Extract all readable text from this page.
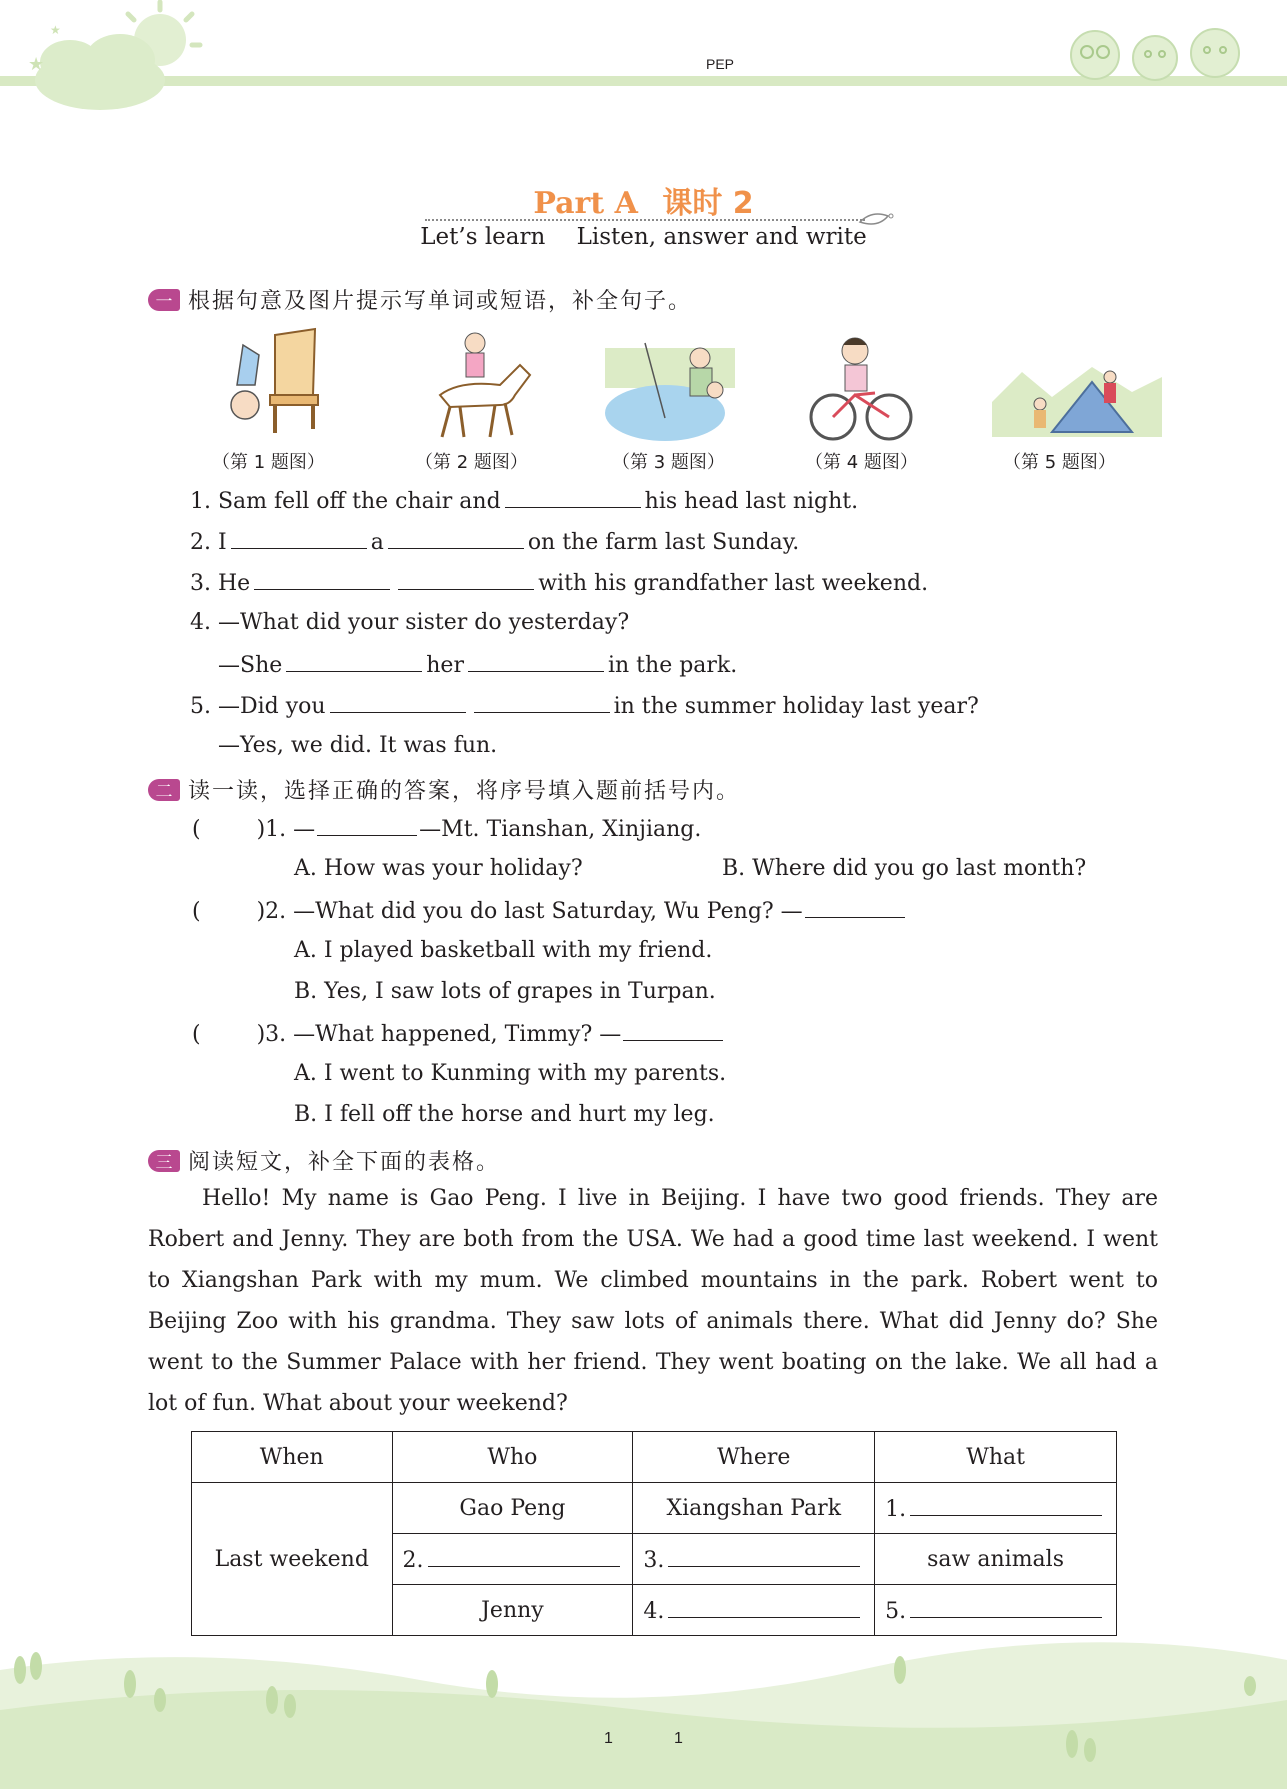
★
★
PEP
Part A 课时 2
Let’s learn Listen, answer and write
一 根据句意及图片提示写单词或短语，补全句子。
（第 1 题图）	（第 2 题图）	（第 3 题图）	（第 4 题图）	（第 5 题图）
1. Sam fell off the chair and	his head last night.
2. I	a	on the farm last Sunday.
3. He	with his grandfather last weekend.
4. —What did your sister do yesterday?
—She	her	in the park.
5. —Did you	in the summer holiday last year?
—Yes, we did. It was fun.
二 读一读，选择正确的答案，将序号填入题前括号内。
(	)1. —	—Mt. Tianshan, Xinjiang.
A. How was your holiday?	B. Where did you go last month?
(	)2. —What did you do last Saturday, Wu Peng? —
A. I played basketball with my friend.
B. Yes, I saw lots of grapes in Turpan.
(	)3. —What happened, Timmy? —
A. I went to Kunming with my parents.
B. I fell off the horse and hurt my leg.
三 阅读短文，补全下面的表格。
Hello! My name is Gao Peng. I live in Beijing. I have two good friends. They are Robert and Jenny. They are both from the USA. We had a good time last weekend. I went to Xiangshan Park with my mum. We climbed mountains in the park. Robert went to Beijing Zoo with his grandma. They saw lots of animals there. What did Jenny do? She went to the Summer Palace with her friend. They went boating on the lake. We all had a lot of fun. What about your weekend?
When	Who	Where	What
Last weekend	Gao Peng	Xiangshan Park	1.
	2.	3.	saw animals
	Jenny	4.	5.
1	1
